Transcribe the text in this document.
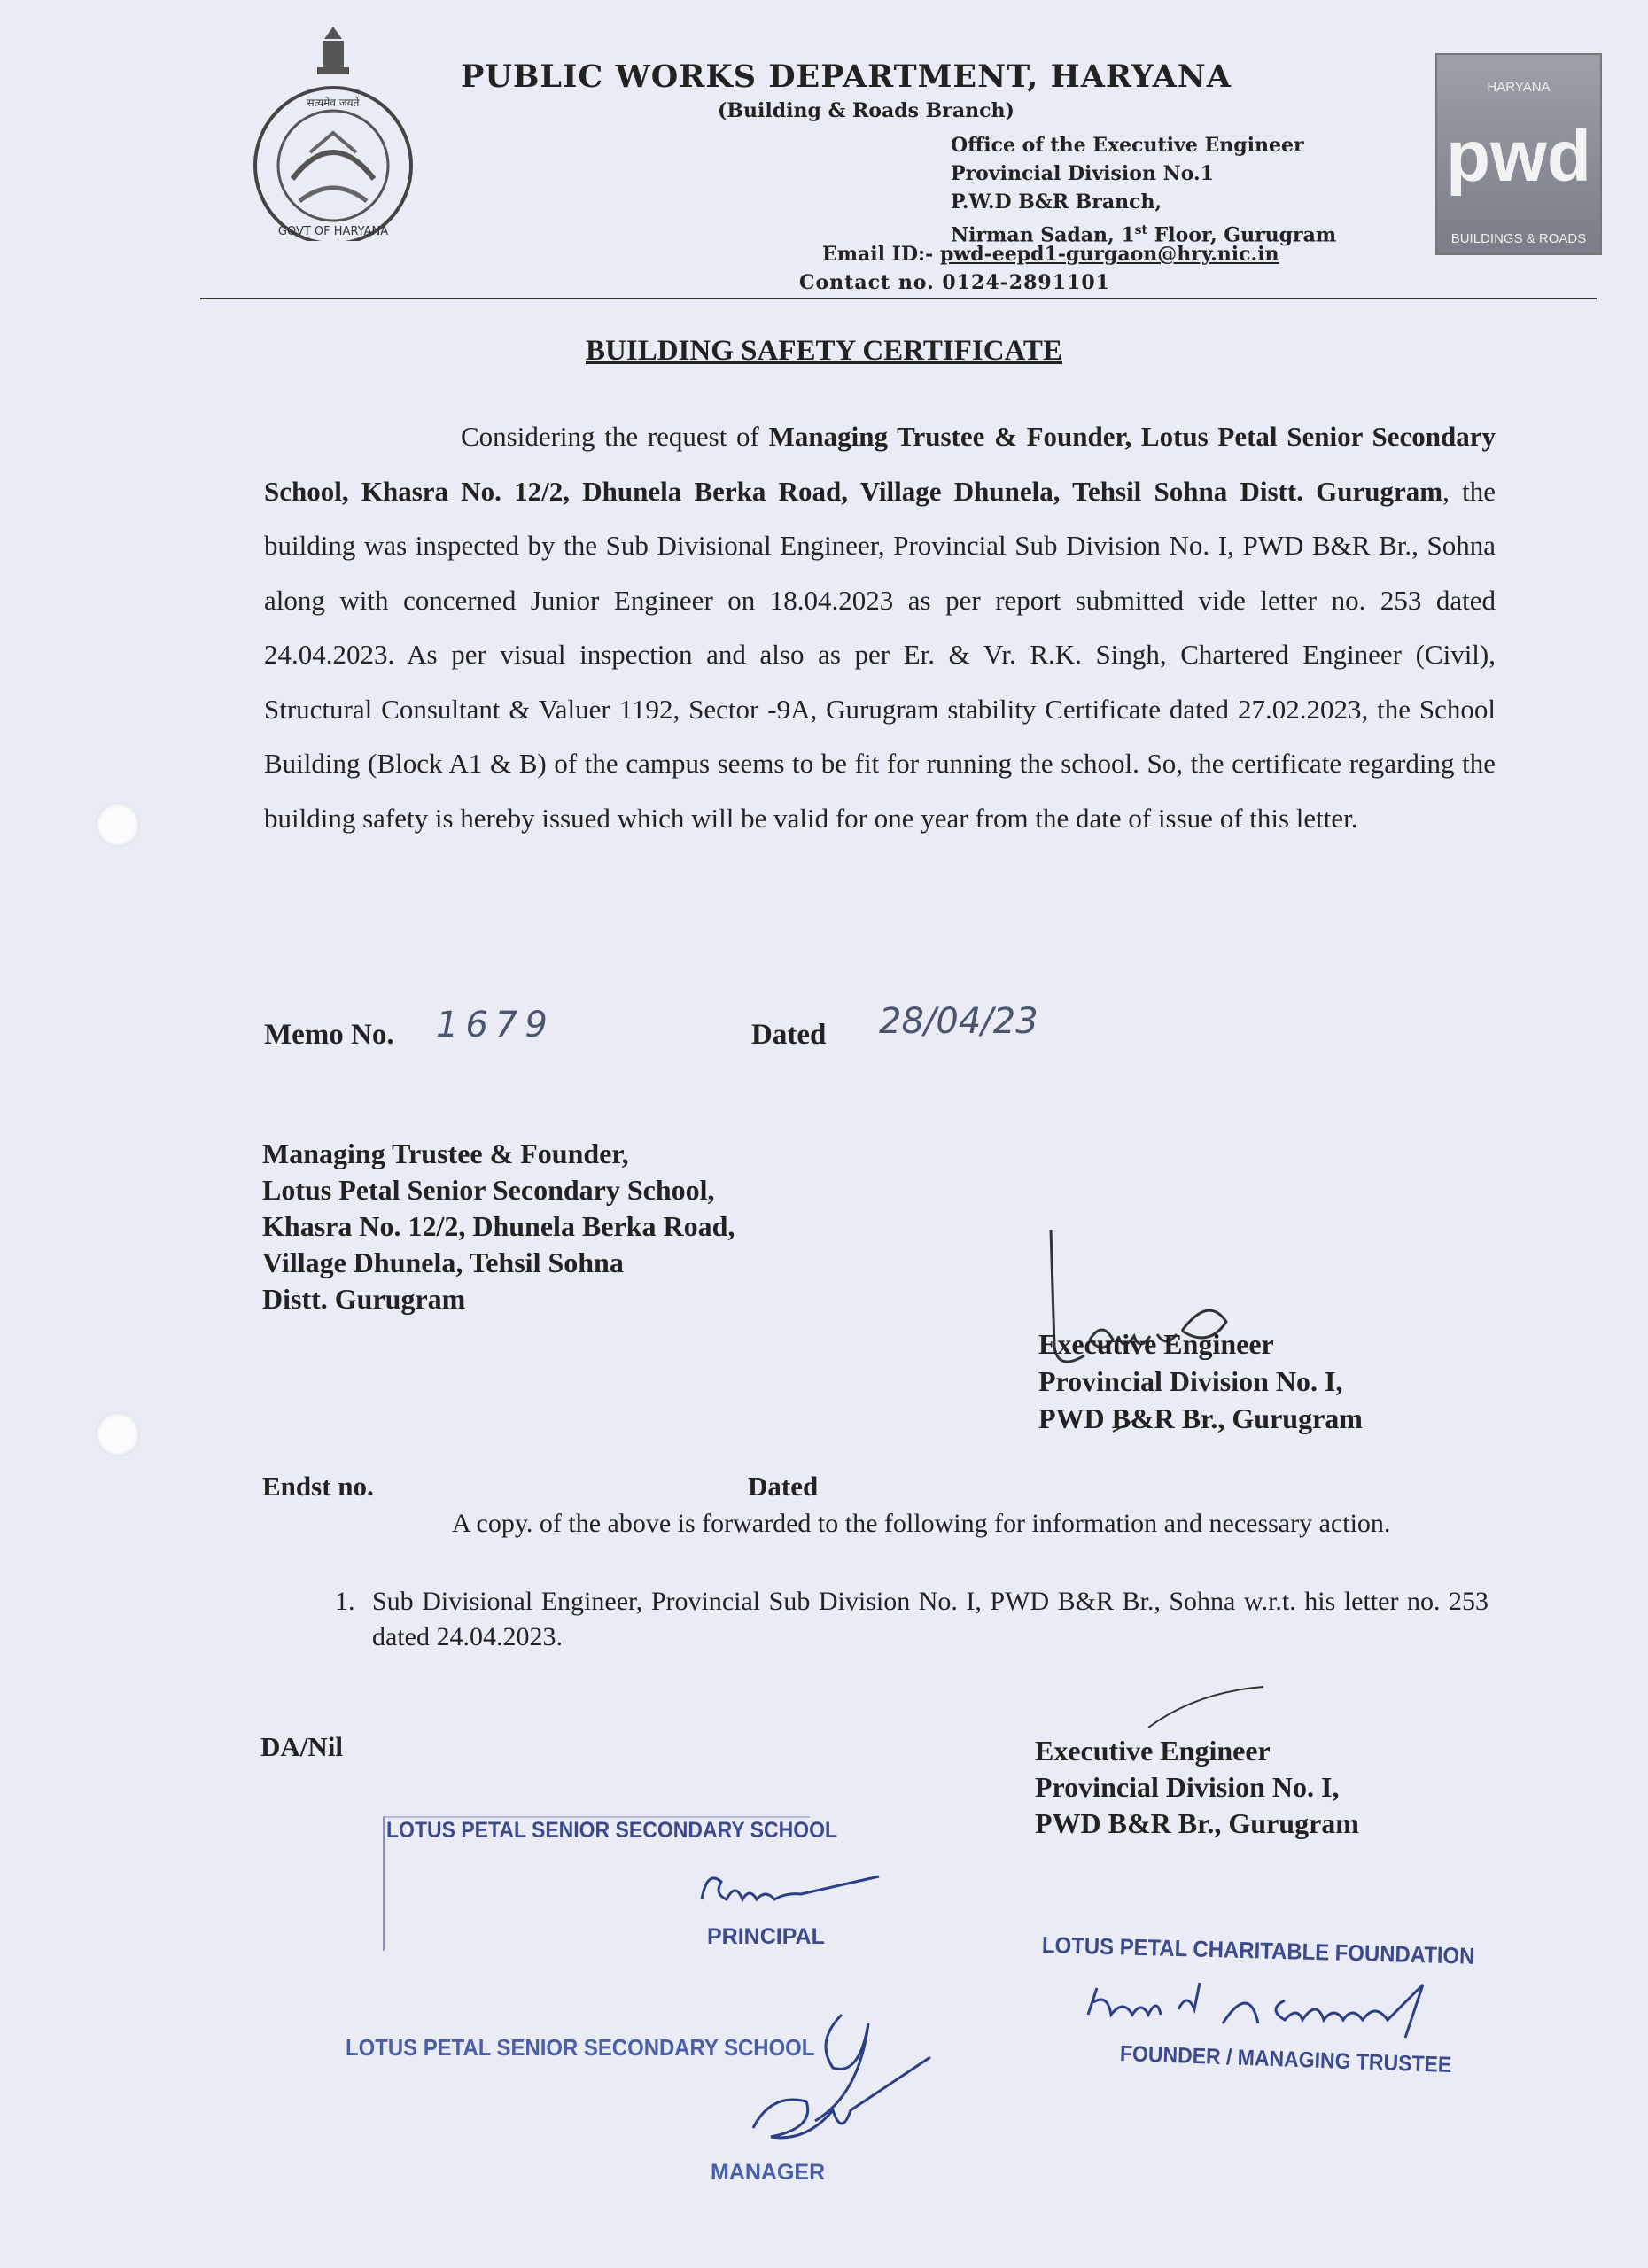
सत्यमेव जयते
GOVT OF HARYANA
HARYANA
pwd
BUILDINGS & ROADS
PUBLIC WORKS DEPARTMENT, HARYANA
(Building & Roads Branch)
Office of the Executive Engineer
Provincial Division No.1
P.W.D B&R Branch,
Nirman Sadan, 1st Floor, Gurugram
Email ID:- pwd-eepd1-gurgaon@hry.nic.in
Contact no. 0124-2891101
BUILDING SAFETY CERTIFICATE
Considering the request of Managing Trustee & Founder, Lotus Petal Senior Secondary School, Khasra No. 12/2, Dhunela Berka Road, Village Dhunela, Tehsil Sohna Distt. Gurugram, the building was inspected by the Sub Divisional Engineer, Provincial Sub Division No. I, PWD B&R Br., Sohna along with concerned Junior Engineer on 18.04.2023 as per report submitted vide letter no. 253 dated 24.04.2023. As per visual inspection and also as per Er. & Vr. R.K. Singh, Chartered Engineer (Civil), Structural Consultant & Valuer 1192, Sector -9A, Gurugram stability Certificate dated 27.02.2023, the School Building (Block A1 & B) of the campus seems to be fit for running the school. So, the certificate regarding the building safety is hereby issued which will be valid for one year from the date of issue of this letter.
Memo No. 1679	Dated 28/04/23
Managing Trustee & Founder,
Lotus Petal Senior Secondary School,
Khasra No. 12/2, Dhunela Berka Road,
Village Dhunela, Tehsil Sohna
Distt. Gurugram
Executive Engineer
Provincial Division No. I,
PWD B&R Br., Gurugram
Endst no.	Dated
A copy. of the above is forwarded to the following for information and necessary action.
1. Sub Divisional Engineer, Provincial Sub Division No. I, PWD B&R Br., Sohna w.r.t. his letter no. 253 dated 24.04.2023.
DA/Nil	Executive Engineer
Provincial Division No. I,
PWD B&R Br., Gurugram
LOTUS PETAL SENIOR SECONDARY SCHOOL
PRINCIPAL	LOTUS PETAL CHARITABLE FOUNDATION
FOUNDER / MANAGING TRUSTEE
LOTUS PETAL SENIOR SECONDARY SCHOOL
MANAGER
